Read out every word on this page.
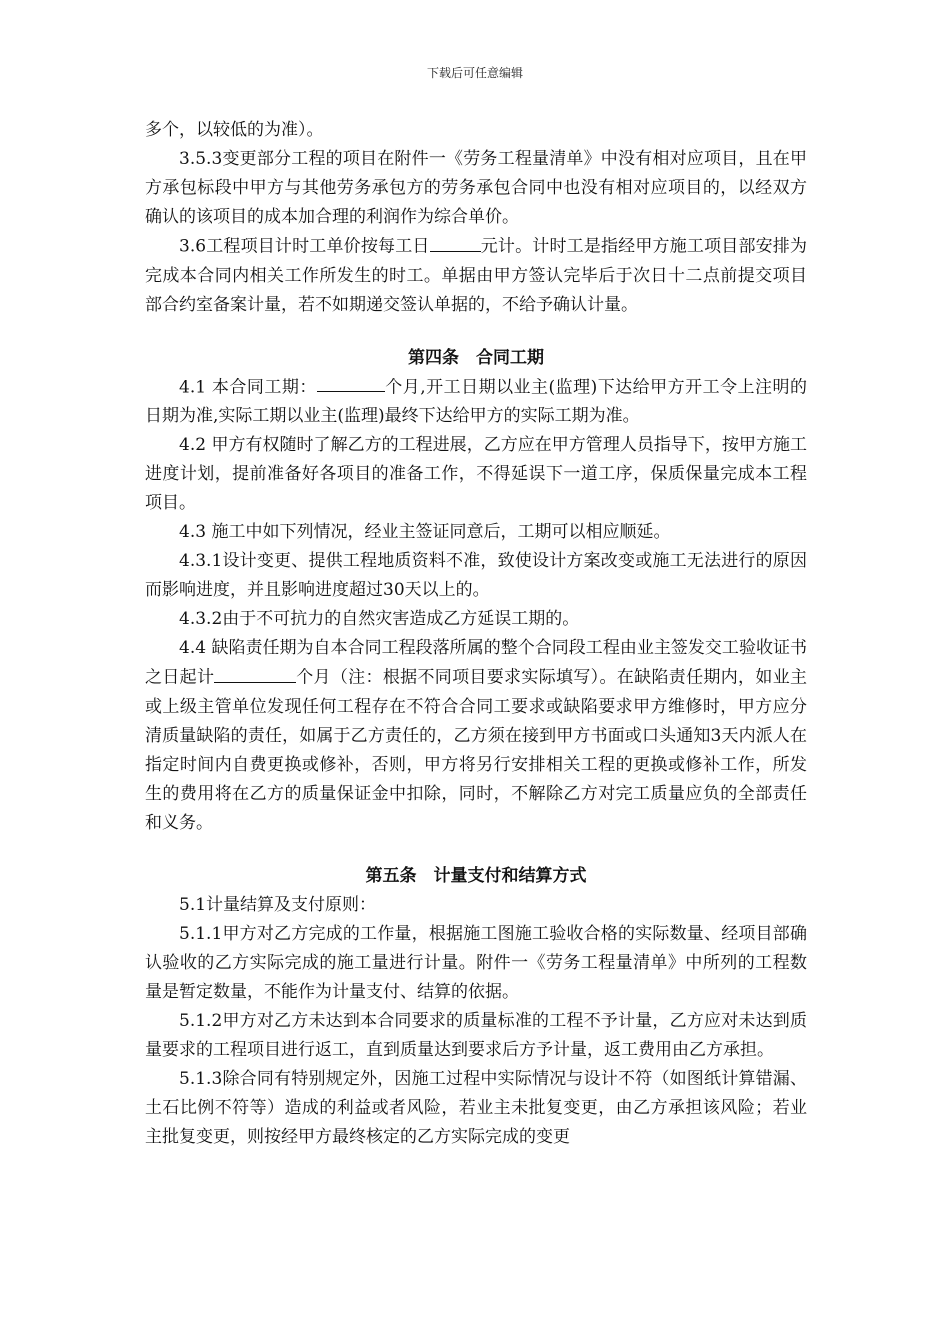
下载后可任意编辑

多个，以较低的为准）。

3.5.3变更部分工程的项目在附件一《劳务工程量清单》中没有相对应项目，且在甲方承包标段中甲方与其他劳务承包方的劳务承包合同中也没有相对应项目的，以经双方确认的该项目的成本加合理的利润作为综合单价。

3.6工程项目计时工单价按每工日	元计。计时工是指经甲方施工项目部安排为完成本合同内相关工作所发生的时工。单据由甲方签认完毕后于次日十二点前提交项目部合约室备案计量，若不如期递交签认单据的，不给予确认计量。

第四条　合同工期

4.1 本合同工期：	个月,开工日期以业主(监理)下达给甲方开工令上注明的日期为准,实际工期以业主(监理)最终下达给甲方的实际工期为准。

4.2 甲方有权随时了解乙方的工程进展，乙方应在甲方管理人员指导下，按甲方施工进度计划，提前准备好各项目的准备工作，不得延误下一道工序，保质保量完成本工程项目。

4.3 施工中如下列情况，经业主签证同意后，工期可以相应顺延。

4.3.1设计变更、提供工程地质资料不准，致使设计方案改变或施工无法进行的原因而影响进度，并且影响进度超过30天以上的。

4.3.2由于不可抗力的自然灾害造成乙方延误工期的。

4.4 缺陷责任期为自本合同工程段落所属的整个合同段工程由业主签发交工验收证书之日起计	个月（注：根据不同项目要求实际填写）。在缺陷责任期内，如业主或上级主管单位发现任何工程存在不符合合同工要求或缺陷要求甲方维修时，甲方应分清质量缺陷的责任，如属于乙方责任的，乙方须在接到甲方书面或口头通知3天内派人在指定时间内自费更换或修补，否则，甲方将另行安排相关工程的更换或修补工作，所发生的费用将在乙方的质量保证金中扣除，同时，不解除乙方对完工质量应负的全部责任和义务。

第五条　计量支付和结算方式

5.1计量结算及支付原则：

5.1.1甲方对乙方完成的工作量，根据施工图施工验收合格的实际数量、经项目部确认验收的乙方实际完成的施工量进行计量。附件一《劳务工程量清单》中所列的工程数量是暂定数量，不能作为计量支付、结算的依据。

5.1.2甲方对乙方未达到本合同要求的质量标准的工程不予计量，乙方应对未达到质量要求的工程项目进行返工，直到质量达到要求后方予计量，返工费用由乙方承担。

5.1.3除合同有特别规定外，因施工过程中实际情况与设计不符（如图纸计算错漏、土石比例不符等）造成的利益或者风险，若业主未批复变更，由乙方承担该风险；若业主批复变更，则按经甲方最终核定的乙方实际完成的变更
